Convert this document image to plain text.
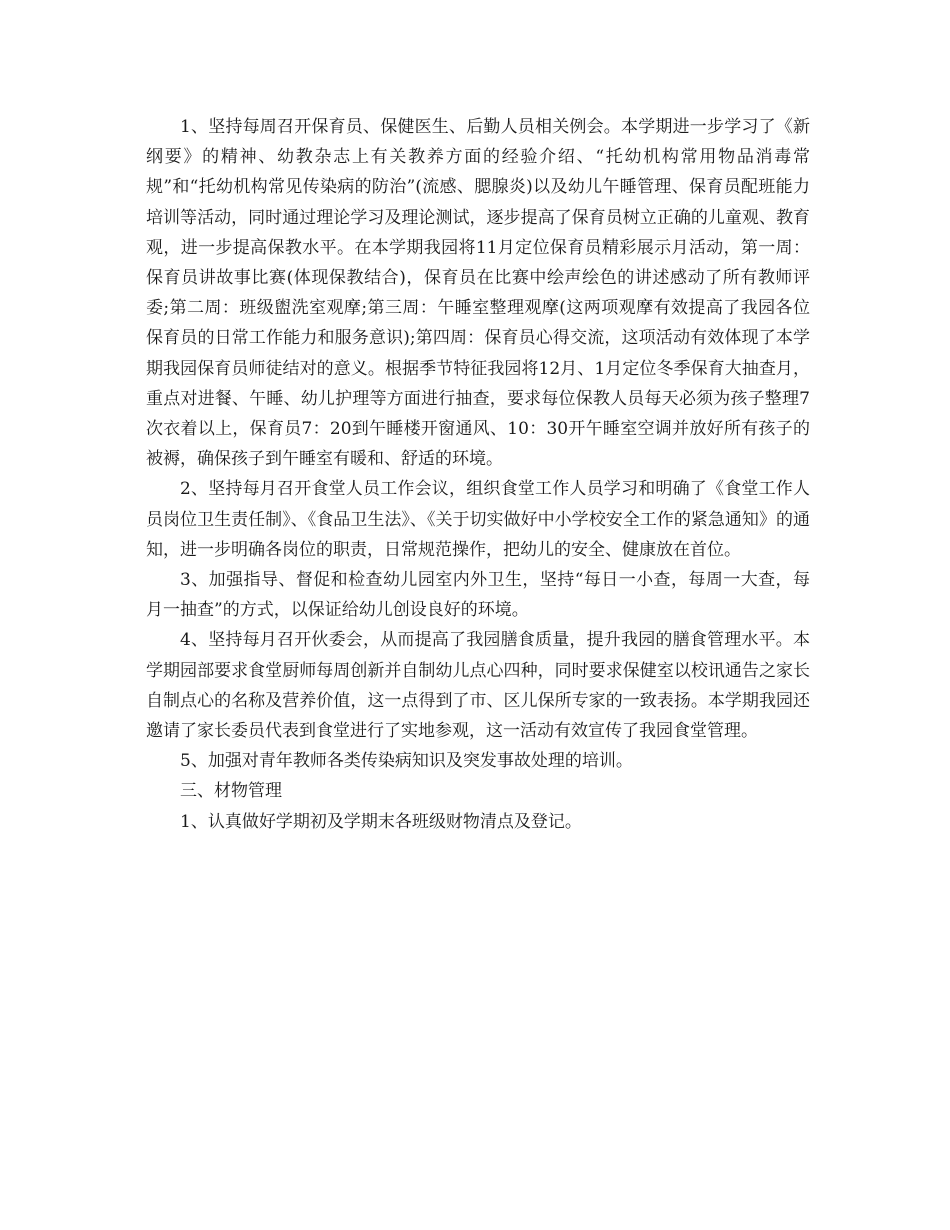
1、坚持每周召开保育员、保健医生、后勤人员相关例会。本学期进一步学习了《新纲要》的精神、幼教杂志上有关教养方面的经验介绍、“托幼机构常用物品消毒常规”和“托幼机构常见传染病的防治”(流感、腮腺炎)以及幼儿午睡管理、保育员配班能力培训等活动，同时通过理论学习及理论测试，逐步提高了保育员树立正确的儿童观、教育观，进一步提高保教水平。在本学期我园将11月定位保育员精彩展示月活动，第一周：保育员讲故事比赛(体现保教结合)，保育员在比赛中绘声绘色的讲述感动了所有教师评委;第二周：班级盥洗室观摩;第三周：午睡室整理观摩(这两项观摩有效提高了我园各位保育员的日常工作能力和服务意识);第四周：保育员心得交流，这项活动有效体现了本学期我园保育员师徒结对的意义。根据季节特征我园将12月、1月定位冬季保育大抽查月，重点对进餐、午睡、幼儿护理等方面进行抽查，要求每位保教人员每天必须为孩子整理7次衣着以上，保育员7：20到午睡楼开窗通风、10：30开午睡室空调并放好所有孩子的被褥，确保孩子到午睡室有暖和、舒适的环境。

2、坚持每月召开食堂人员工作会议，组织食堂工作人员学习和明确了《食堂工作人员岗位卫生责任制》、《食品卫生法》、《关于切实做好中小学校安全工作的紧急通知》的通知，进一步明确各岗位的职责，日常规范操作，把幼儿的安全、健康放在首位。

3、加强指导、督促和检查幼儿园室内外卫生，坚持“每日一小查，每周一大查，每月一抽查”的方式，以保证给幼儿创设良好的环境。

4、坚持每月召开伙委会，从而提高了我园膳食质量，提升我园的膳食管理水平。本学期园部要求食堂厨师每周创新并自制幼儿点心四种，同时要求保健室以校讯通告之家长自制点心的名称及营养价值，这一点得到了市、区儿保所专家的一致表扬。本学期我园还邀请了家长委员代表到食堂进行了实地参观，这一活动有效宣传了我园食堂管理。

5、加强对青年教师各类传染病知识及突发事故处理的培训。

三、材物管理

1、认真做好学期初及学期末各班级财物清点及登记。
